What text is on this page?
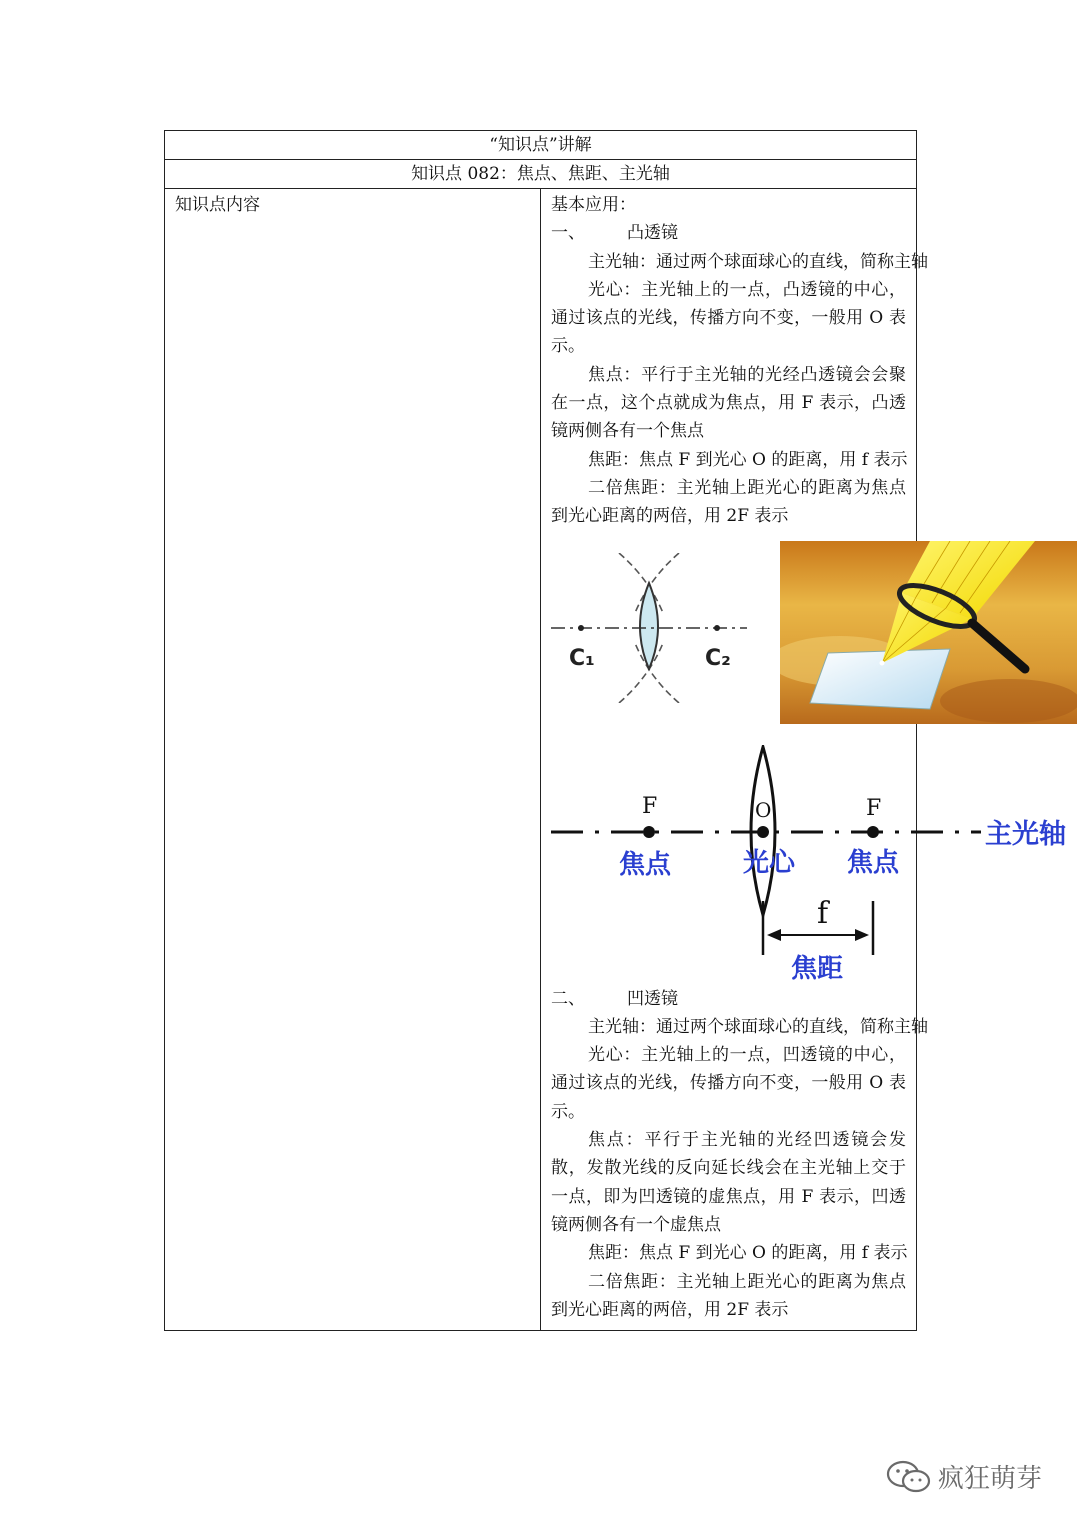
“知识点”讲解
知识点 082：焦点、焦距、主光轴
知识点内容	基本应用：
一、	凸透镜
主光轴：通过两个球面球心的直线，简称主轴
光心：主光轴上的一点，凸透镜的中心，通过该点的光线，传播方向不变，一般用 O 表示。
焦点：平行于主光轴的光经凸透镜会会聚在一点，这个点就成为焦点，用 F 表示，凸透镜两侧各有一个焦点
焦距：焦点 F 到光心 O 的距离，用 f 表示
二倍焦距：主光轴上距光心的距离为焦点到光心距离的两倍，用 2F 表示
C₁	C₂
F	O	F
焦点	光心 焦点
主光轴
f
焦距
二、	凹透镜
主光轴：通过两个球面球心的直线，简称主轴
光心：主光轴上的一点，凹透镜的中心，通过该点的光线，传播方向不变，一般用 O 表示。
焦点：平行于主光轴的光经凹透镜会发散，发散光线的反向延长线会在主光轴上交于一点，即为凹透镜的虚焦点，用 F 表示，凹透镜两侧各有一个虚焦点
焦距：焦点 F 到光心 O 的距离，用 f 表示
二倍焦距：主光轴上距光心的距离为焦点到光心距离的两倍，用 2F 表示
疯狂萌芽
